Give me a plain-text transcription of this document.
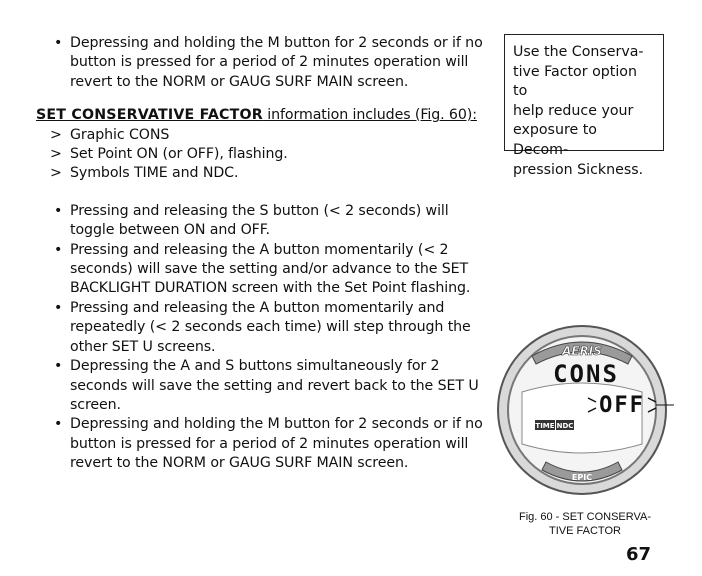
• Depressing and holding the M button for 2 seconds or if no
button is pressed for a period of 2 minutes operation will
revert to the NORM or GAUG SURF MAIN screen.
SET CONSERVATIVE FACTOR information includes (Fig. 60):
> Graphic CONS
> Set Point ON (or OFF), flashing.
> Symbols TIME and NDC.
• Pressing and releasing the S button (< 2 seconds) will
toggle between ON and OFF.
• Pressing and releasing the A button momentarily (< 2
seconds) will save the setting and/or advance to the SET
BACKLIGHT DURATION screen with the Set Point flashing.
• Pressing and releasing the A button momentarily and
repeatedly (< 2 seconds each time) will step through the
other SET U screens.
• Depressing the A and S buttons simultaneously for 2
seconds will save the setting and revert back to the SET U
screen.
• Depressing and holding the M button for 2 seconds or if no
button is pressed for a period of 2 minutes operation will
revert to the NORM or GAUG SURF MAIN screen.
Use the Conserva-
tive Factor option to
help reduce your
exposure to Decom-
pression Sickness.
AERIS
CONS
OFF
TIME NDC
EPIC
Fig. 60 - SET CONSERVA-
TIVE FACTOR
67
